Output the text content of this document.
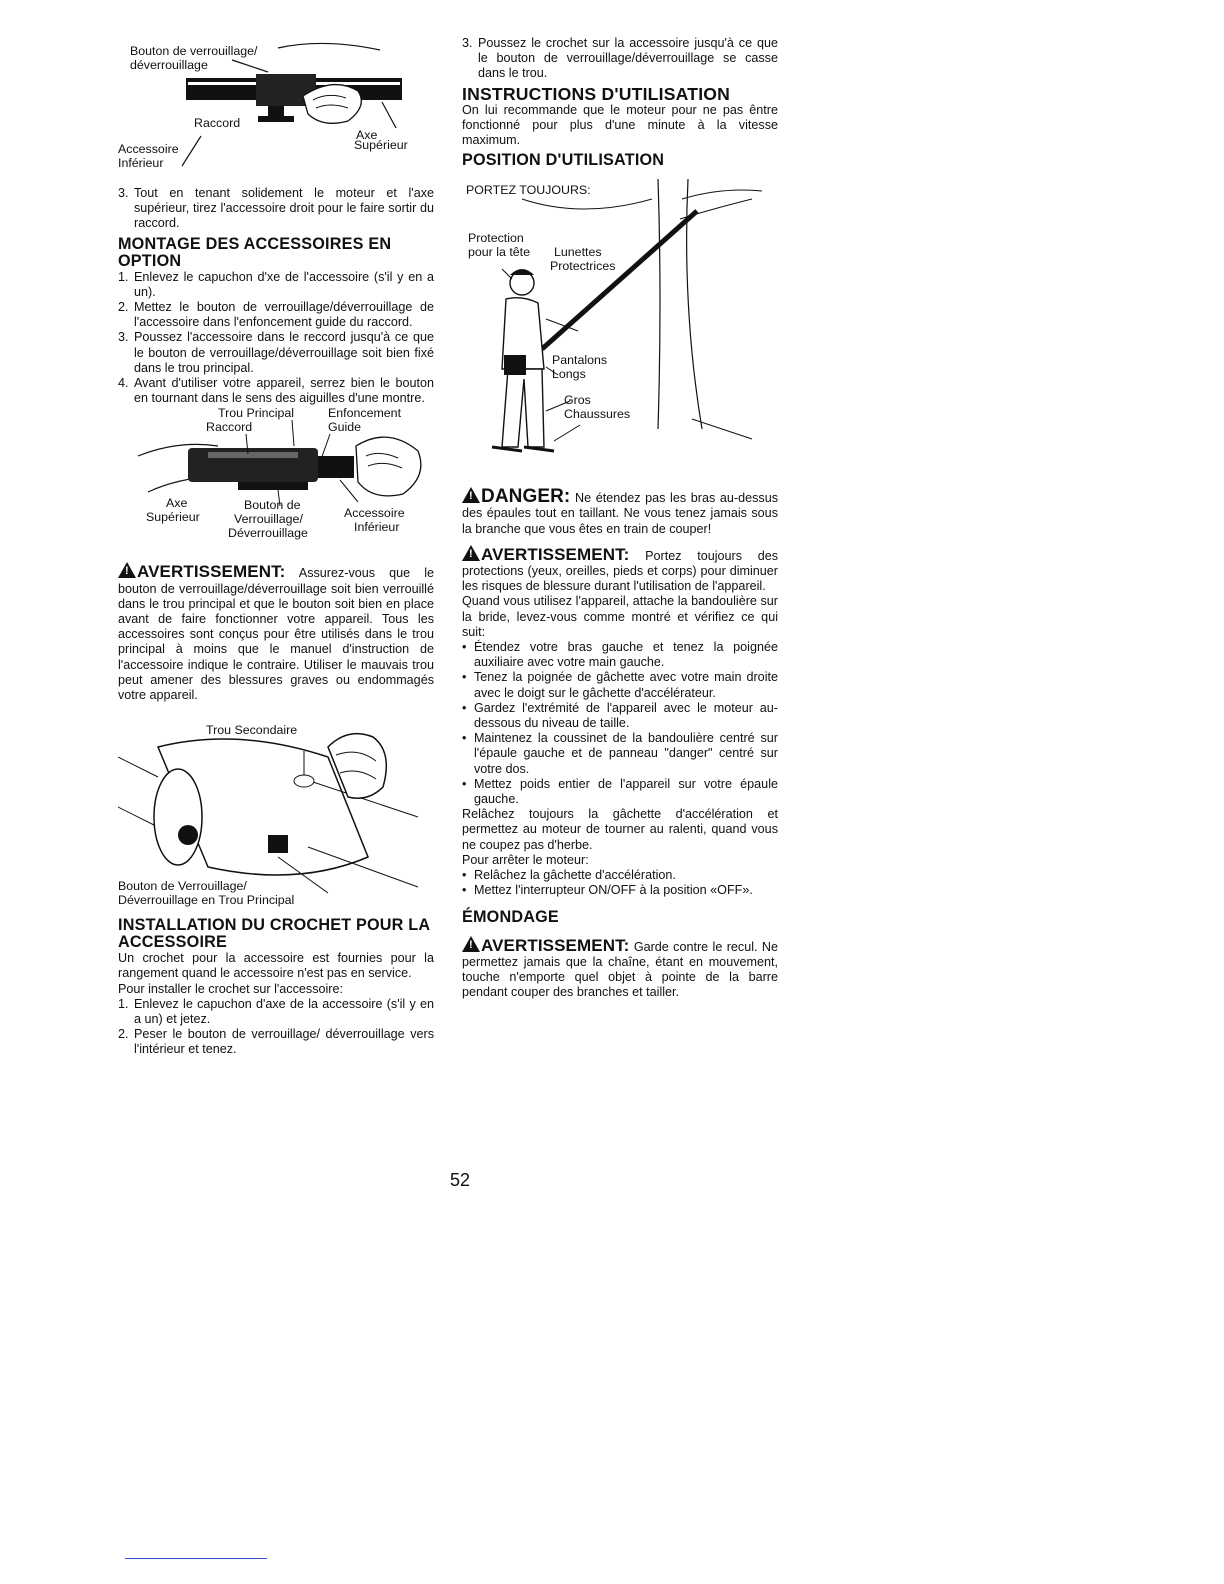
Bouton de verrouillage/
déverrouillage
Raccord
Axe
Supérieur
Accessoire
Inférieur
3. Tout en tenant solidement le moteur et l'axe supérieur, tirez l'accessoire droit pour le faire sortir du raccord.
MONTAGE DES ACCESSOIRES EN OPTION
1. Enlevez le capuchon d'xe de l'accessoire (s'il y en a un).
2. Mettez le bouton de verrouillage/déverrouillage de l'accessoire dans l'enfoncement guide du raccord.
3. Poussez l'accessoire dans le reccord jusqu'à ce que le bouton de verrouillage/déverrouillage soit bien fixé dans le trou principal.
4. Avant d'utiliser votre appareil, serrez bien le bouton en tournant dans le sens des aiguilles d'une montre.
Trou Principal	Enfoncement
Guide
Raccord
Axe
Supérieur
Bouton de
Verrouillage/
Déverrouillage
Accessoire
Inférieur

!AVERTISSEMENT: Assurez-vous que le bouton de verrouillage/déverrouillage soit bien verrouillé dans le trou principal et que le bouton soit bien en place avant de faire fonctionner votre appareil. Tous les accessoires sont conçus pour être utilisés dans le trou principal à moins que le manuel d'instruction de l'accessoire indique le contraire. Utiliser le mauvais trou peut amener des blessures graves ou endommagés votre appareil.

Trou Secondaire
Bouton de Verrouillage/
Déverrouillage en Trou Principal
INSTALLATION DU CROCHET POUR LA ACCESSOIRE

Un crochet pour la accessoire est fournies pour la rangement quand le accessoire n'est pas en service.

Pour installer le crochet sur l'accessoire:

1. Enlevez le capuchon d'axe de la accessoire (s'il y en a un) et jetez.
2. Peser le bouton de verrouillage/ déverrouillage vers l'intérieur et tenez.
3. Poussez le crochet sur la accessoire jusqu'à ce que le bouton de verrouillage/déverrouillage se casse dans le trou.
INSTRUCTIONS D'UTILISATION

On lui recommande que le moteur pour ne pas êntre fonctionné pour plus d'une minute à la vitesse maximum.

POSITION D'UTILISATION
PORTEZ TOUJOURS:
Protection
pour la tête Lunettes
Protectrices
Pantalons
Longs
Gros
Chaussures

!DANGER: Ne étendez pas les bras au-dessus des épaules tout en taillant. Ne vous tenez jamais sous la branche que vous êtes en train de couper!

!AVERTISSEMENT: Portez toujours des protections (yeux, oreilles, pieds et corps) pour diminuer les risques de blessure durant l'utilisation de l'appareil.

Quand vous utilisez l'appareil, attache la bandoulière sur la bride, levez-vous comme montré et vérifiez ce qui suit:

• Étendez votre bras gauche et tenez la poignée auxiliaire avec votre main gauche.
• Tenez la poignée de gâchette avec votre main droite avec le doigt sur le gâchette d'accélérateur.
• Gardez l'extrémité de l'appareil avec le moteur au-dessous du niveau de taille.
• Maintenez la coussinet de la bandoulière centré sur l'épaule gauche et de panneau "danger" centré sur votre dos.
• Mettez poids entier de l'appareil sur votre épaule gauche.

Relâchez toujours la gâchette d'accélération et permettez au moteur de tourner au ralenti, quand vous ne coupez pas d'herbe.

Pour arrêter le moteur:

• Relâchez la gâchette d'accélération.
• Mettez l'interrupteur ON/OFF à la position «OFF».
ÉMONDAGE

!AVERTISSEMENT: Garde contre le recul. Ne permettez jamais que la chaîne, étant en mouvement, touche n'emporte quel objet à pointe de la barre pendant couper des branches et tailler.

52
